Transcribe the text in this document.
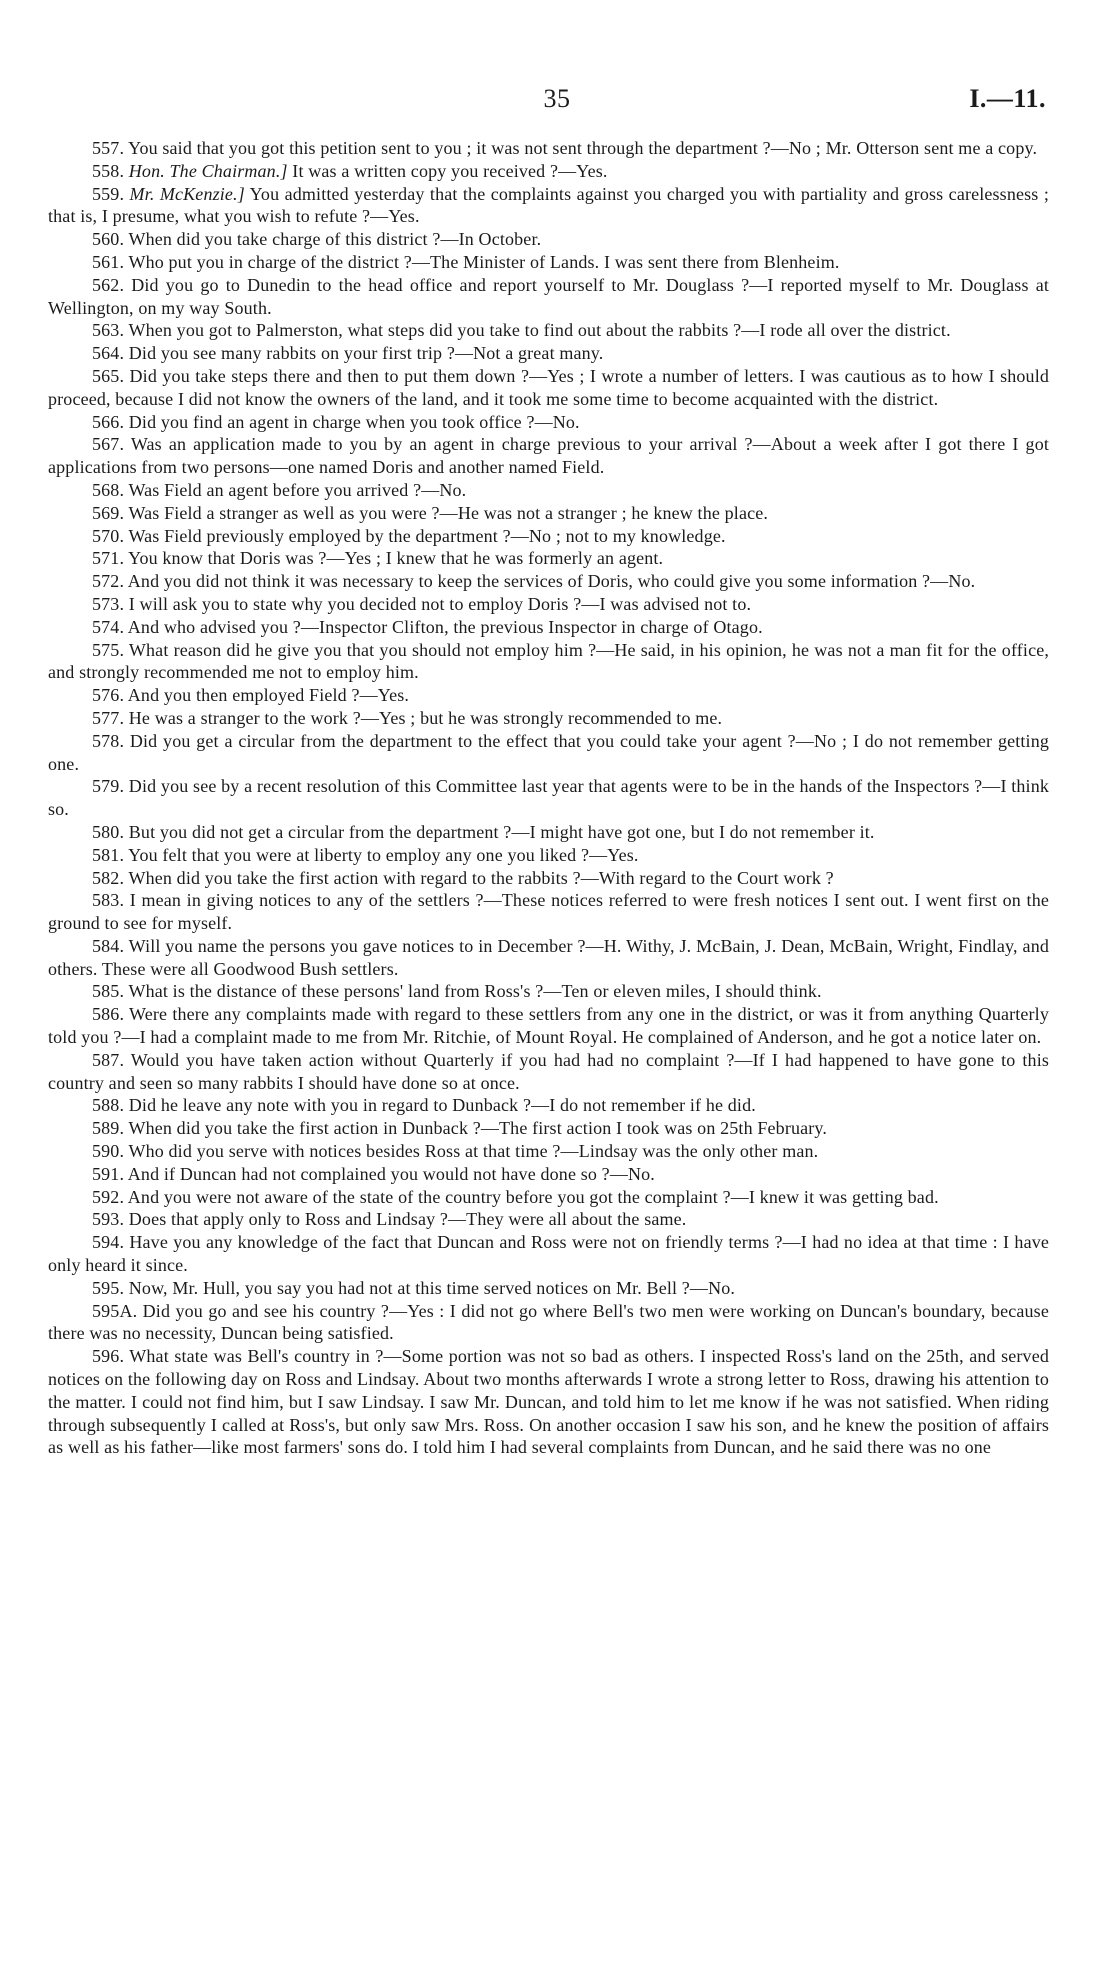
35	I.—11.

557. You said that you got this petition sent to you ; it was not sent through the department ?—No ; Mr. Otterson sent me a copy.

558. Hon. The Chairman.] It was a written copy you received ?—Yes.

559. Mr. McKenzie.] You admitted yesterday that the complaints against you charged you with partiality and gross carelessness ; that is, I presume, what you wish to refute ?—Yes.

560. When did you take charge of this district ?—In October.

561. Who put you in charge of the district ?—The Minister of Lands. I was sent there from Blenheim.

562. Did you go to Dunedin to the head office and report yourself to Mr. Douglass ?—I reported myself to Mr. Douglass at Wellington, on my way South.

563. When you got to Palmerston, what steps did you take to find out about the rabbits ?—I rode all over the district.

564. Did you see many rabbits on your first trip ?—Not a great many.

565. Did you take steps there and then to put them down ?—Yes ; I wrote a number of letters. I was cautious as to how I should proceed, because I did not know the owners of the land, and it took me some time to become acquainted with the district.

566. Did you find an agent in charge when you took office ?—No.

567. Was an application made to you by an agent in charge previous to your arrival ?—About a week after I got there I got applications from two persons—one named Doris and another named Field.

568. Was Field an agent before you arrived ?—No.

569. Was Field a stranger as well as you were ?—He was not a stranger ; he knew the place.

570. Was Field previously employed by the department ?—No ; not to my knowledge.

571. You know that Doris was ?—Yes ; I knew that he was formerly an agent.

572. And you did not think it was necessary to keep the services of Doris, who could give you some information ?—No.

573. I will ask you to state why you decided not to employ Doris ?—I was advised not to.

574. And who advised you ?—Inspector Clifton, the previous Inspector in charge of Otago.

575. What reason did he give you that you should not employ him ?—He said, in his opinion, he was not a man fit for the office, and strongly recommended me not to employ him.

576. And you then employed Field ?—Yes.

577. He was a stranger to the work ?—Yes ; but he was strongly recommended to me.

578. Did you get a circular from the department to the effect that you could take your agent ?—No ; I do not remember getting one.

579. Did you see by a recent resolution of this Committee last year that agents were to be in the hands of the Inspectors ?—I think so.

580. But you did not get a circular from the department ?—I might have got one, but I do not remember it.

581. You felt that you were at liberty to employ any one you liked ?—Yes.

582. When did you take the first action with regard to the rabbits ?—With regard to the Court work ?

583. I mean in giving notices to any of the settlers ?—These notices referred to were fresh notices I sent out. I went first on the ground to see for myself.

584. Will you name the persons you gave notices to in December ?—H. Withy, J. McBain, J. Dean, McBain, Wright, Findlay, and others. These were all Goodwood Bush settlers.

585. What is the distance of these persons' land from Ross's ?—Ten or eleven miles, I should think.

586. Were there any complaints made with regard to these settlers from any one in the district, or was it from anything Quarterly told you ?—I had a complaint made to me from Mr. Ritchie, of Mount Royal. He complained of Anderson, and he got a notice later on.

587. Would you have taken action without Quarterly if you had had no complaint ?—If I had happened to have gone to this country and seen so many rabbits I should have done so at once.

588. Did he leave any note with you in regard to Dunback ?—I do not remember if he did.

589. When did you take the first action in Dunback ?—The first action I took was on 25th February.

590. Who did you serve with notices besides Ross at that time ?—Lindsay was the only other man.

591. And if Duncan had not complained you would not have done so ?—No.

592. And you were not aware of the state of the country before you got the complaint ?—I knew it was getting bad.

593. Does that apply only to Ross and Lindsay ?—They were all about the same.

594. Have you any knowledge of the fact that Duncan and Ross were not on friendly terms ?—I had no idea at that time : I have only heard it since.

595. Now, Mr. Hull, you say you had not at this time served notices on Mr. Bell ?—No.

595A. Did you go and see his country ?—Yes : I did not go where Bell's two men were working on Duncan's boundary, because there was no necessity, Duncan being satisfied.

596. What state was Bell's country in ?—Some portion was not so bad as others. I inspected Ross's land on the 25th, and served notices on the following day on Ross and Lindsay. About two months afterwards I wrote a strong letter to Ross, drawing his attention to the matter. I could not find him, but I saw Lindsay. I saw Mr. Duncan, and told him to let me know if he was not satisfied. When riding through subsequently I called at Ross's, but only saw Mrs. Ross. On another occasion I saw his son, and he knew the position of affairs as well as his father—like most farmers' sons do. I told him I had several complaints from Duncan, and he said there was no one
